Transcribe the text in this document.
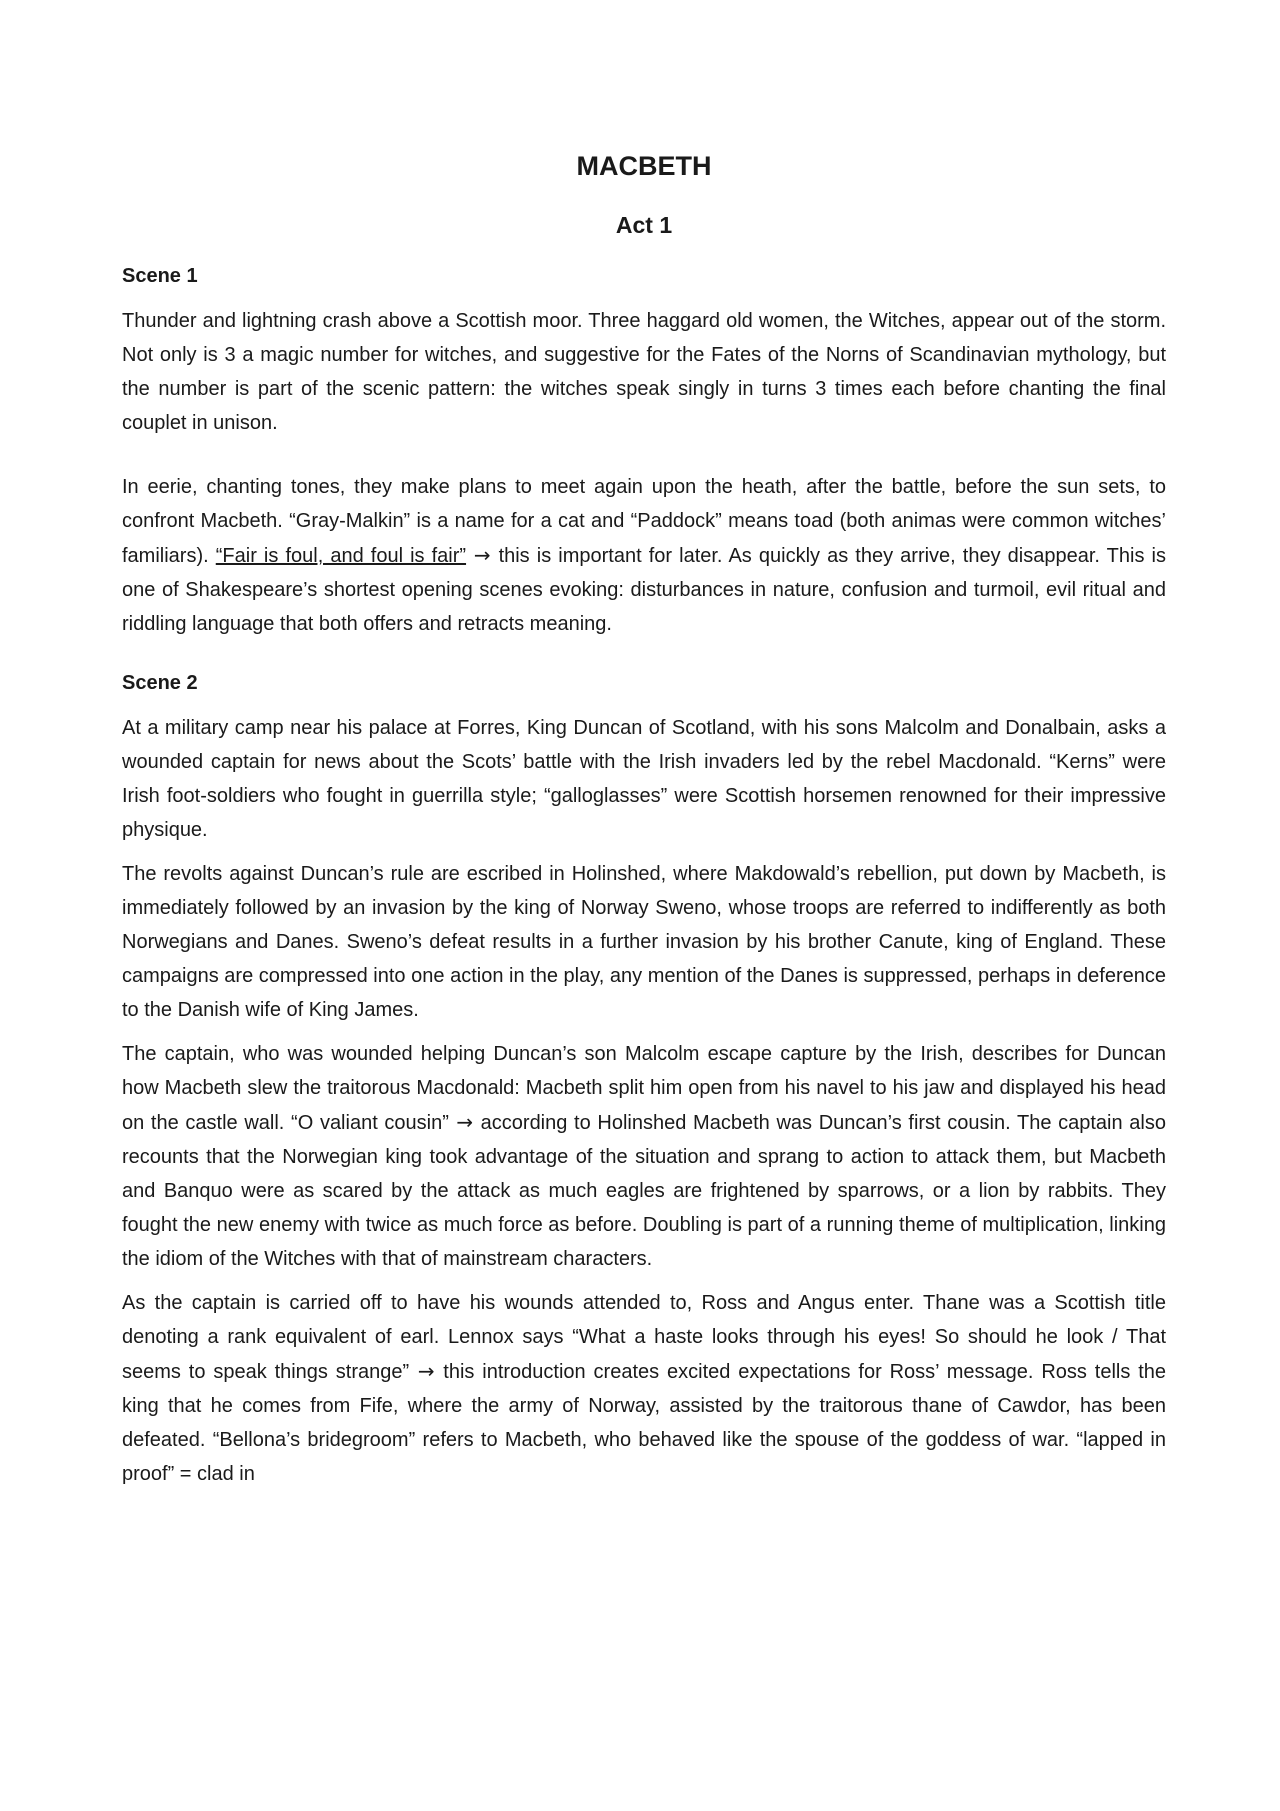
MACBETH
Act 1
Scene 1

Thunder and lightning crash above a Scottish moor. Three haggard old women, the Witches, appear out of the storm. Not only is 3 a magic number for witches, and suggestive for the Fates of the Norns of Scandinavian mythology, but the number is part of the scenic pattern: the witches speak singly in turns 3 times each before chanting the final couplet in unison.

In eerie, chanting tones, they make plans to meet again upon the heath, after the battle, before the sun sets, to confront Macbeth. “Gray-Malkin” is a name for a cat and “Paddock” means toad (both animas were common witches’ familiars). “Fair is foul, and foul is fair” → this is important for later. As quickly as they arrive, they disappear. This is one of Shakespeare’s shortest opening scenes evoking: disturbances in nature, confusion and turmoil, evil ritual and riddling language that both offers and retracts meaning.

Scene 2

At a military camp near his palace at Forres, King Duncan of Scotland, with his sons Malcolm and Donalbain, asks a wounded captain for news about the Scots’ battle with the Irish invaders led by the rebel Macdonald. “Kerns” were Irish foot-soldiers who fought in guerrilla style; “galloglasses” were Scottish horsemen renowned for their impressive physique.

The revolts against Duncan’s rule are escribed in Holinshed, where Makdowald’s rebellion, put down by Macbeth, is immediately followed by an invasion by the king of Norway Sweno, whose troops are referred to indifferently as both Norwegians and Danes. Sweno’s defeat results in a further invasion by his brother Canute, king of England. These campaigns are compressed into one action in the play, any mention of the Danes is suppressed, perhaps in deference to the Danish wife of King James.

The captain, who was wounded helping Duncan’s son Malcolm escape capture by the Irish, describes for Duncan how Macbeth slew the traitorous Macdonald: Macbeth split him open from his navel to his jaw and displayed his head on the castle wall. “O valiant cousin” → according to Holinshed Macbeth was Duncan’s first cousin. The captain also recounts that the Norwegian king took advantage of the situation and sprang to action to attack them, but Macbeth and Banquo were as scared by the attack as much eagles are frightened by sparrows, or a lion by rabbits. They fought the new enemy with twice as much force as before. Doubling is part of a running theme of multiplication, linking the idiom of the Witches with that of mainstream characters.

As the captain is carried off to have his wounds attended to, Ross and Angus enter. Thane was a Scottish title denoting a rank equivalent of earl. Lennox says “What a haste looks through his eyes! So should he look / That seems to speak things strange” → this introduction creates excited expectations for Ross’ message. Ross tells the king that he comes from Fife, where the army of Norway, assisted by the traitorous thane of Cawdor, has been defeated. “Bellona’s bridegroom” refers to Macbeth, who behaved like the spouse of the goddess of war. “lapped in proof” = clad in
